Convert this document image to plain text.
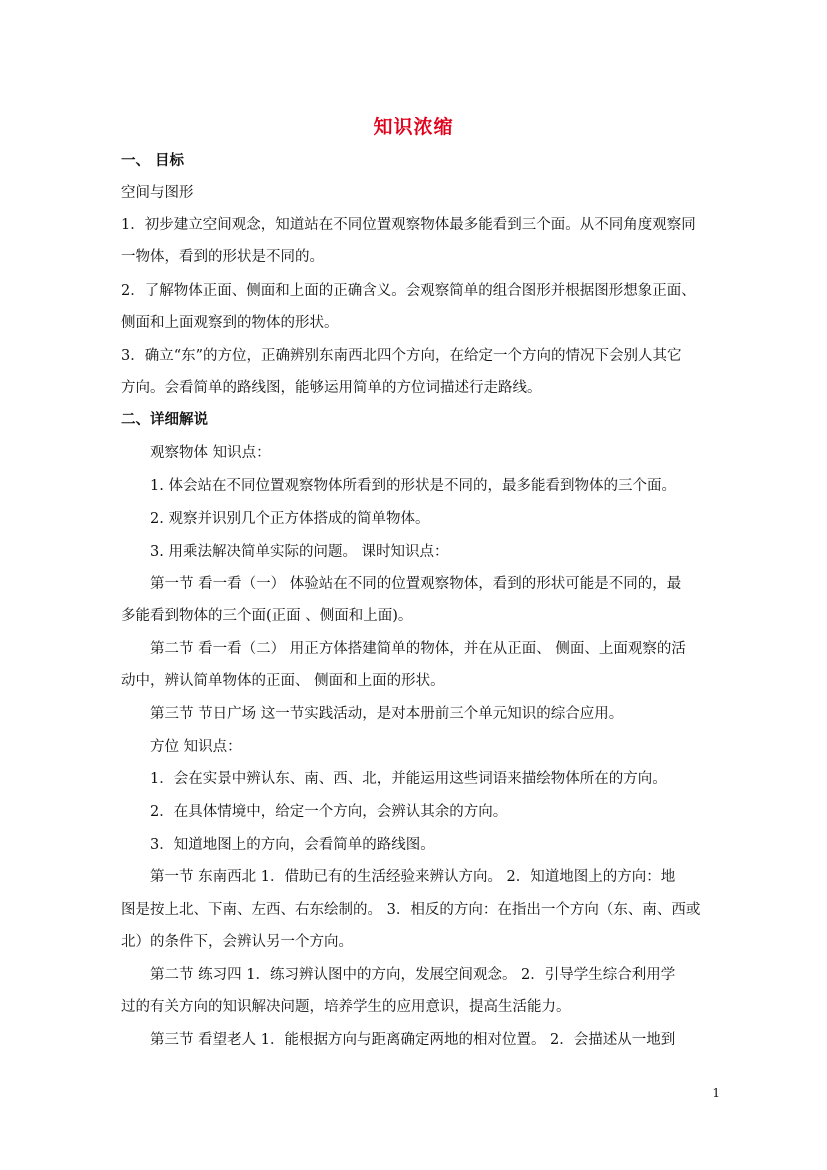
知识浓缩
一、 目标
空间与图形
1．初步建立空间观念，知道站在不同位置观察物体最多能看到三个面。从不同角度观察同
一物体，看到的形状是不同的。
2．了解物体正面、侧面和上面的正确含义。会观察简单的组合图形并根据图形想象正面、
侧面和上面观察到的物体的形状。
3．确立“东”的方位，正确辨别东南西北四个方向，在给定一个方向的情况下会别人其它
方向。会看简单的路线图，能够运用简单的方位词描述行走路线。
二、详细解说
观察物体 知识点：
1. 体会站在不同位置观察物体所看到的形状是不同的，最多能看到物体的三个面。
2. 观察并识别几个正方体搭成的简单物体。
3. 用乘法解决简单实际的问题。 课时知识点：
第一节 看一看（一） 体验站在不同的位置观察物体，看到的形状可能是不同的，最
多能看到物体的三个面(正面 、侧面和上面)。
第二节 看一看（二） 用正方体搭建简单的物体，并在从正面、 侧面、上面观察的活
动中，辨认简单物体的正面、 侧面和上面的形状。
第三节 节日广场 这一节实践活动，是对本册前三个单元知识的综合应用。
方位 知识点：
1．会在实景中辨认东、南、西、北，并能运用这些词语来描绘物体所在的方向。
2．在具体情境中，给定一个方向，会辨认其余的方向。
3．知道地图上的方向，会看简单的路线图。
第一节 东南西北 1．借助已有的生活经验来辨认方向。 2．知道地图上的方向：地
图是按上北、下南、左西、右东绘制的。 3．相反的方向：在指出一个方向（东、南、西或
北）的条件下，会辨认另一个方向。
第二节 练习四 1．练习辨认图中的方向，发展空间观念。 2．引导学生综合利用学
过的有关方向的知识解决问题，培养学生的应用意识，提高生活能力。
第三节 看望老人 1．能根据方向与距离确定两地的相对位置。 2．会描述从一地到
1
